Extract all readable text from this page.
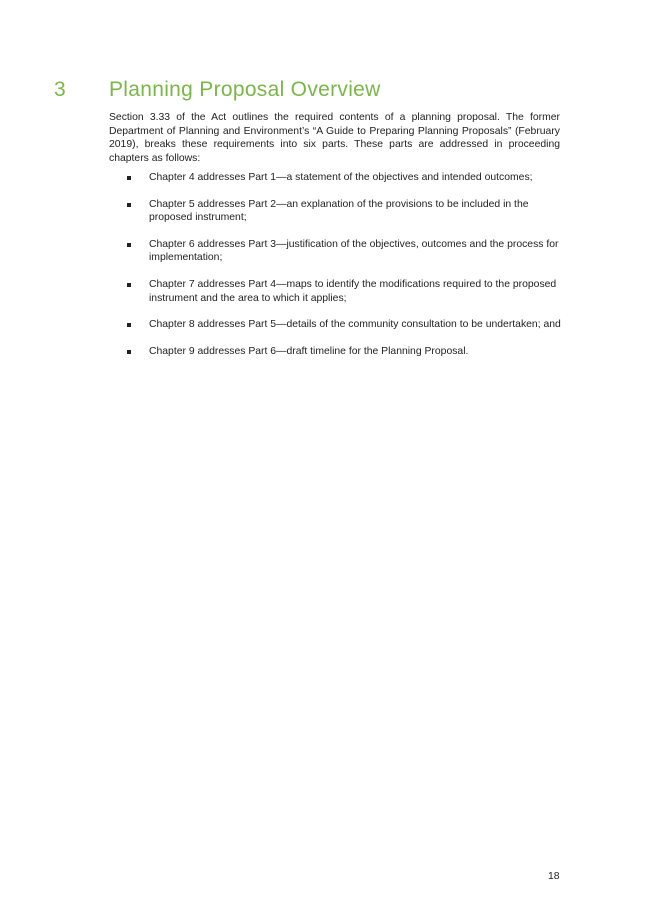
3 Planning Proposal Overview

Section 3.33 of the Act outlines the required contents of a planning proposal. The former Department of Planning and Environment’s “A Guide to Preparing Planning Proposals” (February 2019), breaks these requirements into six parts. These parts are addressed in proceeding chapters as follows:

Chapter 4 addresses Part 1—a statement of the objectives and intended outcomes;
Chapter 5 addresses Part 2—an explanation of the provisions to be included in the proposed instrument;
Chapter 6 addresses Part 3—justification of the objectives, outcomes and the process for implementation;
Chapter 7 addresses Part 4—maps to identify the modifications required to the proposed instrument and the area to which it applies;
Chapter 8 addresses Part 5—details of the community consultation to be undertaken; and
Chapter 9 addresses Part 6—draft timeline for the Planning Proposal.
18
